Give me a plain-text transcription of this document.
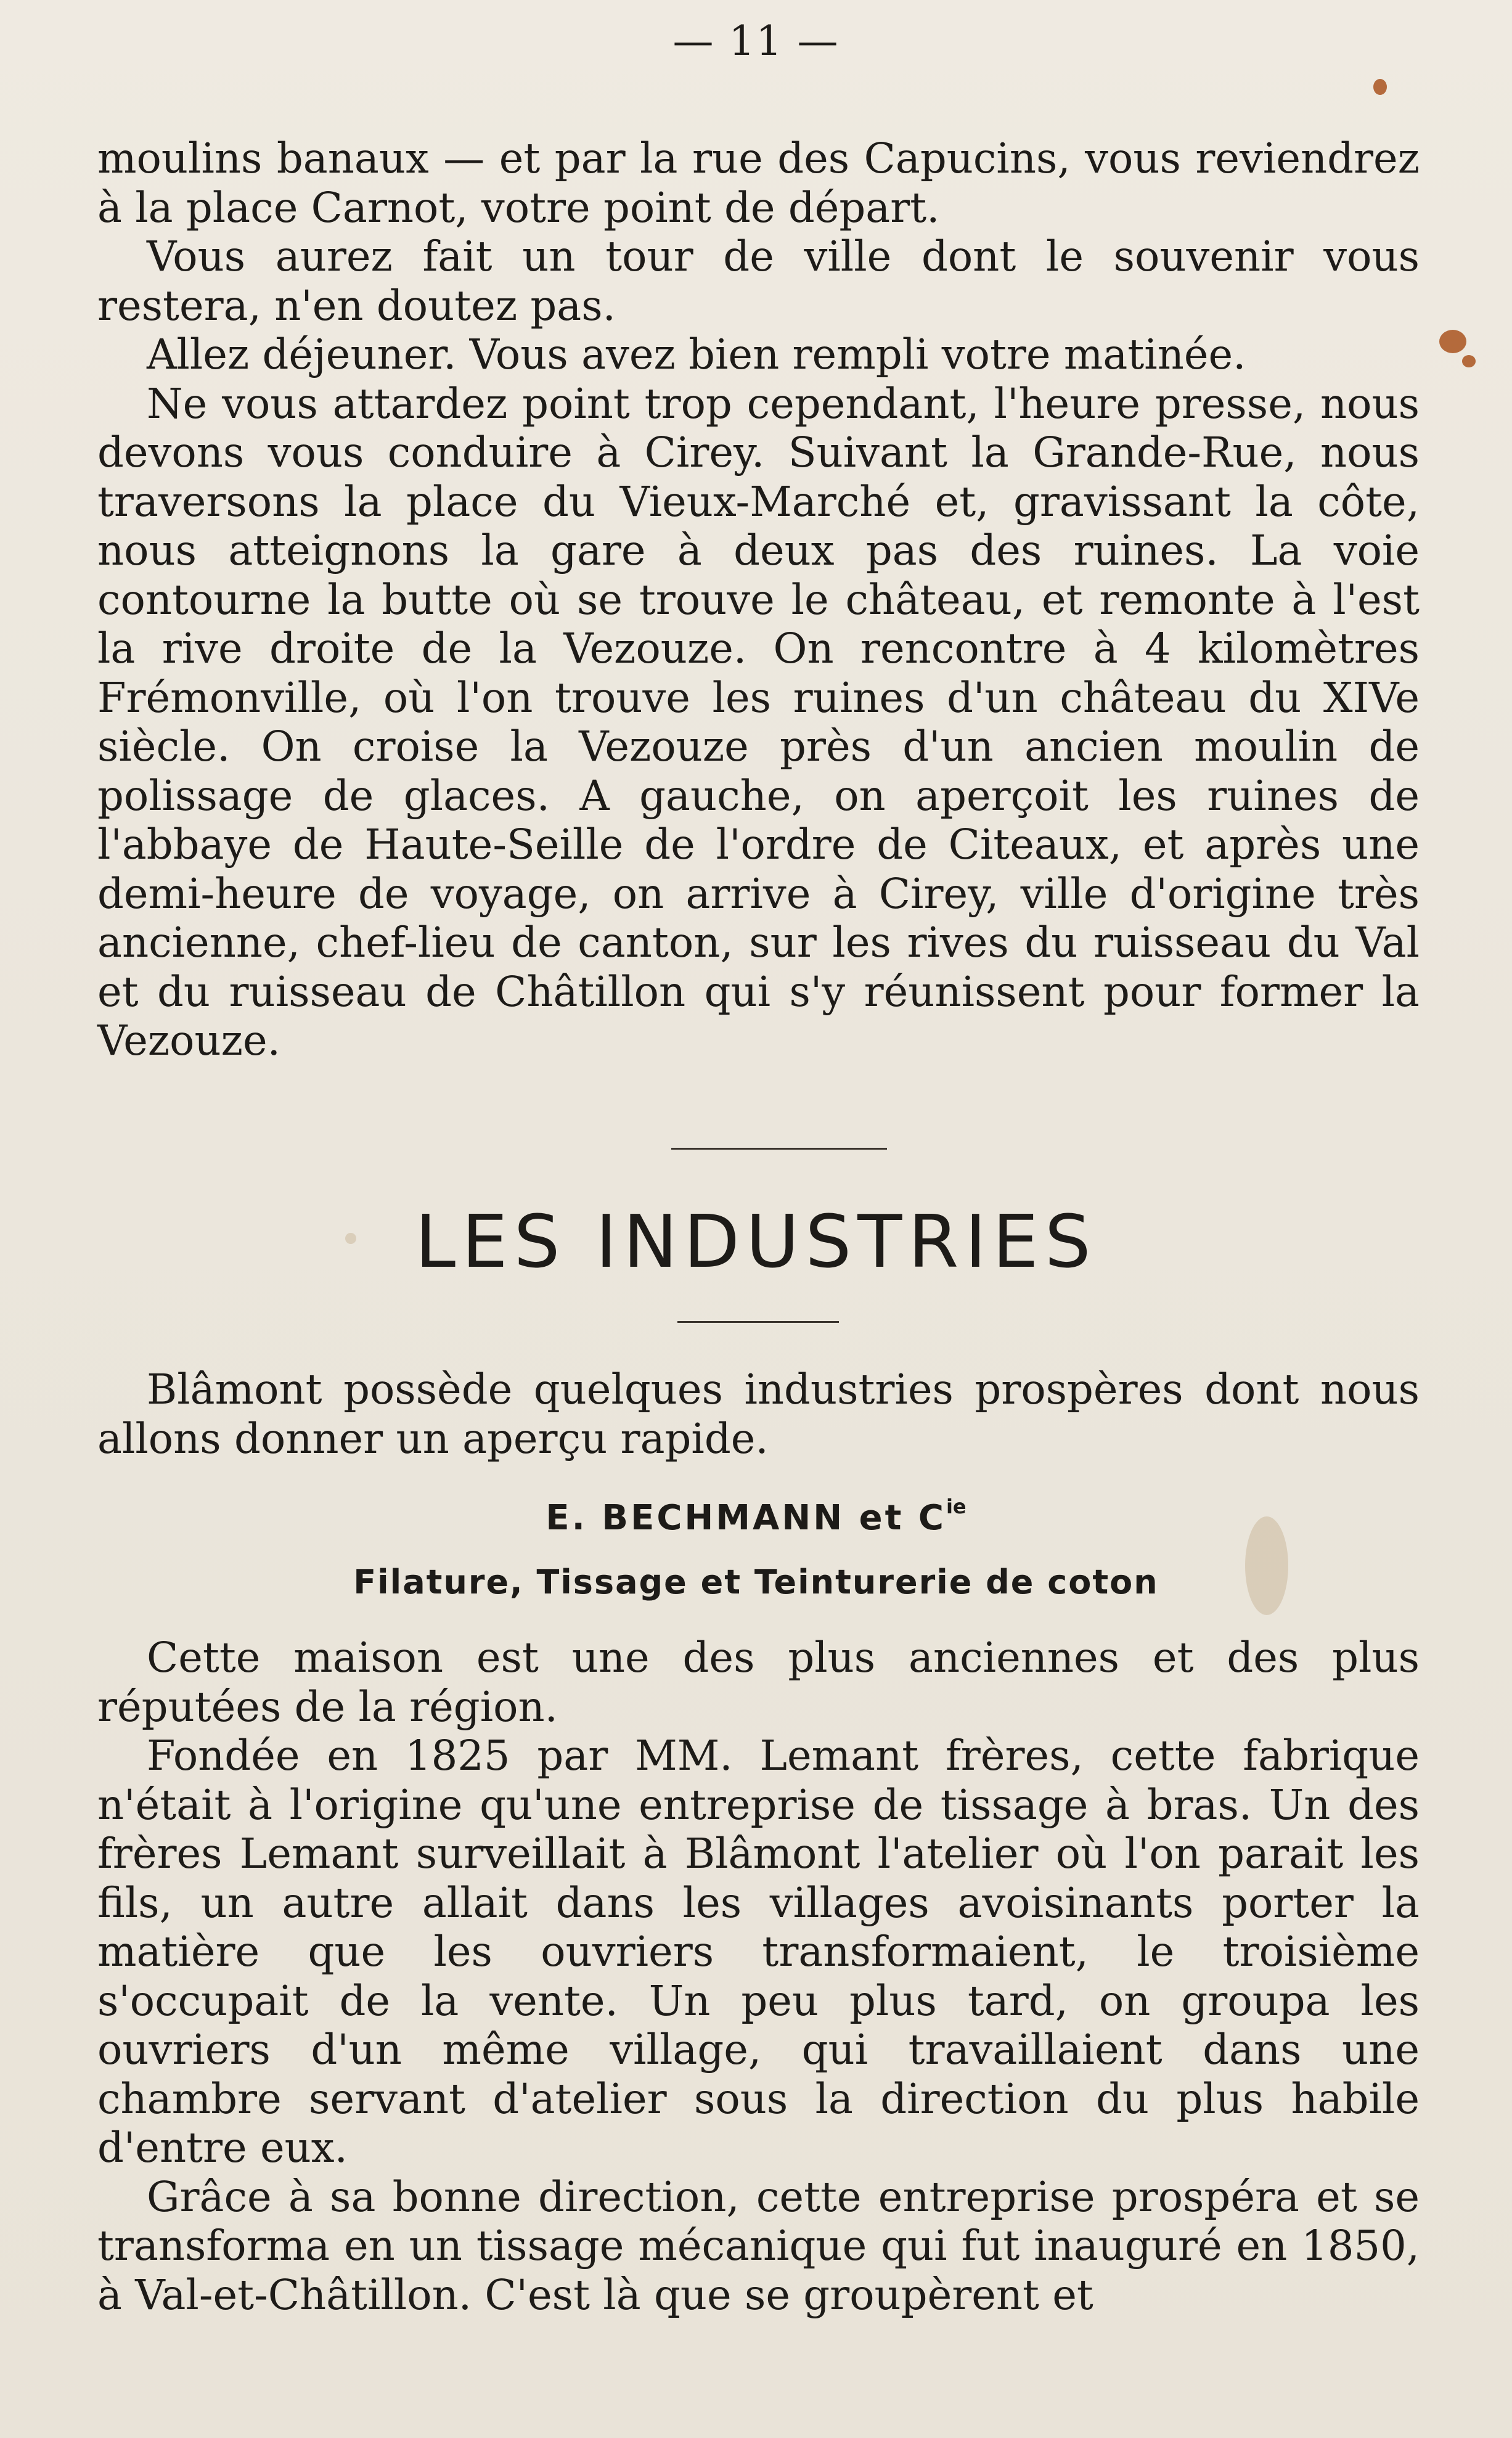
— 11 —

moulins banaux — et par la rue des Capucins, vous reviendrez à la place Carnot, votre point de départ.

Vous aurez fait un tour de ville dont le souvenir vous restera, n'en doutez pas.

Allez déjeuner. Vous avez bien rempli votre matinée.

Ne vous attardez point trop cependant, l'heure presse, nous devons vous conduire à Cirey. Suivant la Grande-Rue, nous traversons la place du Vieux-Marché et, gravissant la côte, nous atteignons la gare à deux pas des ruines. La voie contourne la butte où se trouve le château, et remonte à l'est la rive droite de la Vezouze. On rencontre à 4 kilomètres Frémonville, où l'on trouve les ruines d'un château du XIVe siècle. On croise la Vezouze près d'un ancien moulin de polissage de glaces. A gauche, on aperçoit les ruines de l'abbaye de Haute-Seille de l'ordre de Citeaux, et après une demi-heure de voyage, on arrive à Cirey, ville d'origine très ancienne, chef-lieu de canton, sur les rives du ruisseau du Val et du ruisseau de Châtillon qui s'y réunissent pour former la Vezouze.

LES INDUSTRIES

Blâmont possède quelques industries prospères dont nous allons donner un aperçu rapide.

E. BECHMANN et $C^{ie}$
Filature, Tissage et Teinturerie de coton

Cette maison est une des plus anciennes et des plus réputées de la région.

Fondée en 1825 par MM. Lemant frères, cette fabrique n'était à l'origine qu'une entreprise de tissage à bras. Un des frères Lemant surveillait à Blâmont l'atelier où l'on parait les fils, un autre allait dans les villages avoisinants porter la matière que les ouvriers transformaient, le troisième s'occupait de la vente. Un peu plus tard, on groupa les ouvriers d'un même village, qui travaillaient dans une chambre servant d'atelier sous la direction du plus habile d'entre eux.

Grâce à sa bonne direction, cette entreprise prospéra et se transforma en un tissage mécanique qui fut inauguré en 1850, à Val-et-Châtillon. C'est là que se groupèrent et
